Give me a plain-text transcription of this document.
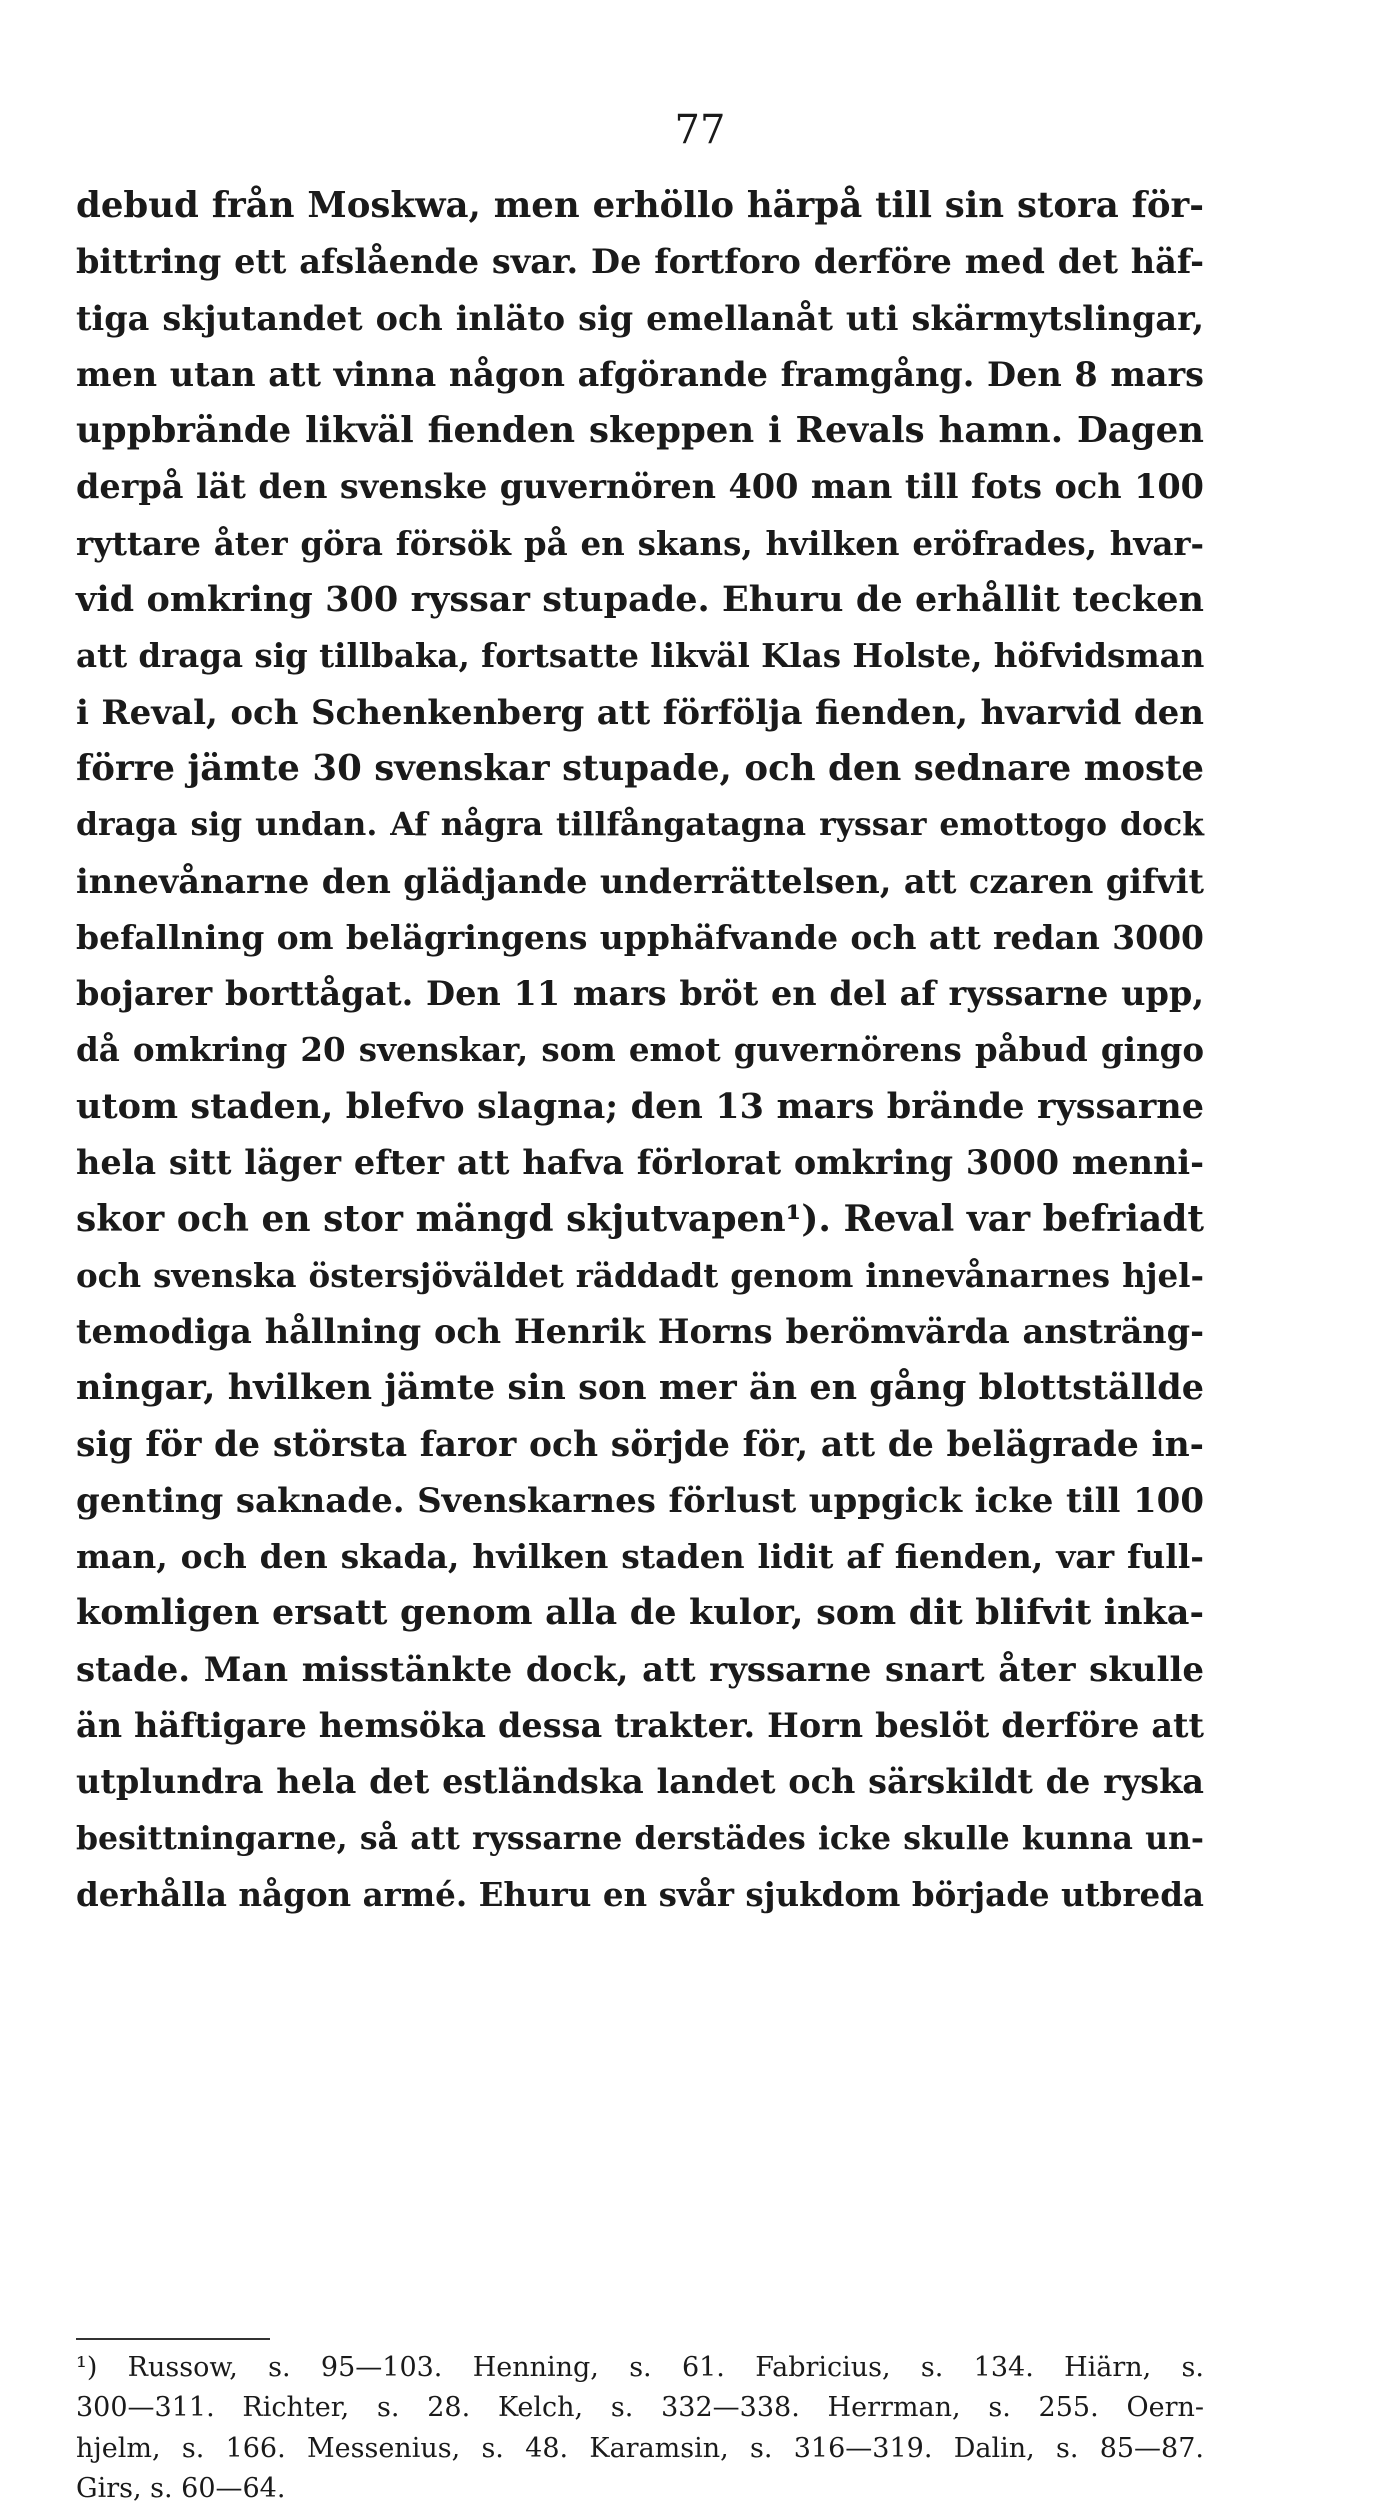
77
debud från Moskwa, men erhöllo härpå till sin stora för-
bittring ett afslående svar. De fortforo derföre med det häf-
tiga skjutandet och inläto sig emellanåt uti skärmytslingar,
men utan att vinna någon afgörande framgång. Den 8 mars
uppbrände likväl fienden skeppen i Revals hamn. Dagen
derpå lät den svenske guvernören 400 man till fots och 100
ryttare åter göra försök på en skans, hvilken eröfrades, hvar-
vid omkring 300 ryssar stupade. Ehuru de erhållit tecken
att draga sig tillbaka, fortsatte likväl Klas Holste, höfvidsman
i Reval, och Schenkenberg att förfölja fienden, hvarvid den
förre jämte 30 svenskar stupade, och den sednare moste
draga sig undan. Af några tillfångatagna ryssar emottogo dock
innevånarne den glädjande underrättelsen, att czaren gifvit
befallning om belägringens upphäfvande och att redan 3000
bojarer borttågat. Den 11 mars bröt en del af ryssarne upp,
då omkring 20 svenskar, som emot guvernörens påbud gingo
utom staden, blefvo slagna; den 13 mars brände ryssarne
hela sitt läger efter att hafva förlorat omkring 3000 menni-
skor och en stor mängd skjutvapen¹). Reval var befriadt
och svenska östersjöväldet räddadt genom innevånarnes hjel-
temodiga hållning och Henrik Horns berömvärda ansträng-
ningar, hvilken jämte sin son mer än en gång blottställde
sig för de största faror och sörjde för, att de belägrade in-
genting saknade. Svenskarnes förlust uppgick icke till 100
man, och den skada, hvilken staden lidit af fienden, var full-
komligen ersatt genom alla de kulor, som dit blifvit inka-
stade. Man misstänkte dock, att ryssarne snart åter skulle
än häftigare hemsöka dessa trakter. Horn beslöt derföre att
utplundra hela det estländska landet och särskildt de ryska
besittningarne, så att ryssarne derstädes icke skulle kunna un-
derhålla någon armé. Ehuru en svår sjukdom började utbreda
¹) Russow, s. 95—103. Henning, s. 61. Fabricius, s. 134. Hiärn, s.
300—311. Richter, s. 28. Kelch, s. 332—338. Herrman, s. 255. Oern-
hjelm, s. 166. Messenius, s. 48. Karamsin, s. 316—319. Dalin, s. 85—87.
Girs, s. 60—64.
